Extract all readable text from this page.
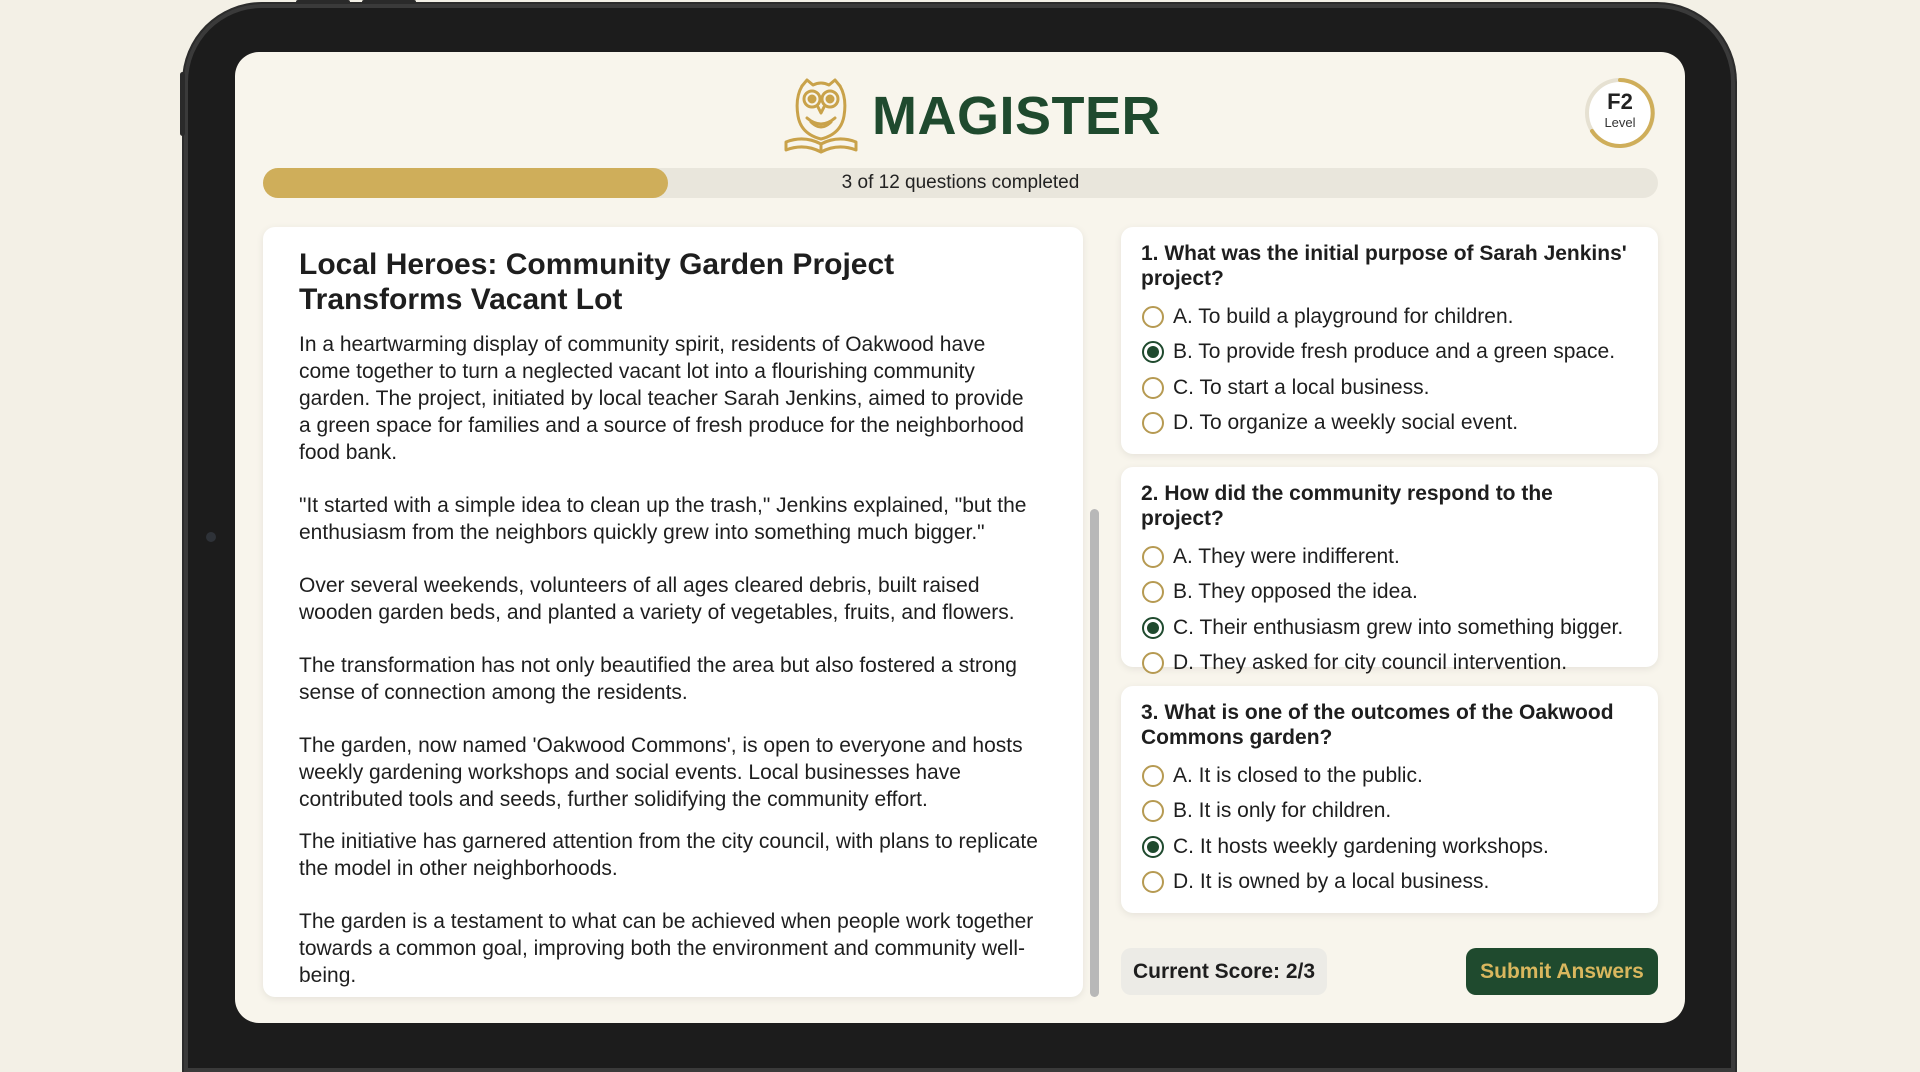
MAGISTER	F2
Level
3 of 12 questions completed
Local Heroes: Community Garden Project Transforms Vacant Lot

In a heartwarming display of community spirit, residents of Oakwood have come together to turn a neglected vacant lot into a flourishing community garden. The project, initiated by local teacher Sarah Jenkins, aimed to provide a green space for families and a source of fresh produce for the neighborhood food bank.

"It started with a simple idea to clean up the trash," Jenkins explained, "but the enthusiasm from the neighbors quickly grew into something much bigger."

Over several weekends, volunteers of all ages cleared debris, built raised wooden garden beds, and planted a variety of vegetables, fruits, and flowers.

The transformation has not only beautified the area but also fostered a strong sense of connection among the residents.

The garden, now named 'Oakwood Commons', is open to everyone and hosts weekly gardening workshops and social events. Local businesses have contributed tools and seeds, further solidifying the community effort.

The initiative has garnered attention from the city council, with plans to replicate the model in other neighborhoods.

The garden is a testament to what can be achieved when people work together towards a common goal, improving both the environment and community well-being.

1. What was the initial purpose of Sarah Jenkins' project?
A. To build a playground for children.
B. To provide fresh produce and a green space.
C. To start a local business.
D. To organize a weekly social event.
2. How did the community respond to the project?
A. They were indifferent.
B. They opposed the idea.
C. Their enthusiasm grew into something bigger.
D. They asked for city council intervention.
3. What is one of the outcomes of the Oakwood Commons garden?
A. It is closed to the public.
B. It is only for children.
C. It hosts weekly gardening workshops.
D. It is owned by a local business.
Current Score: 2/3	Submit Answers
